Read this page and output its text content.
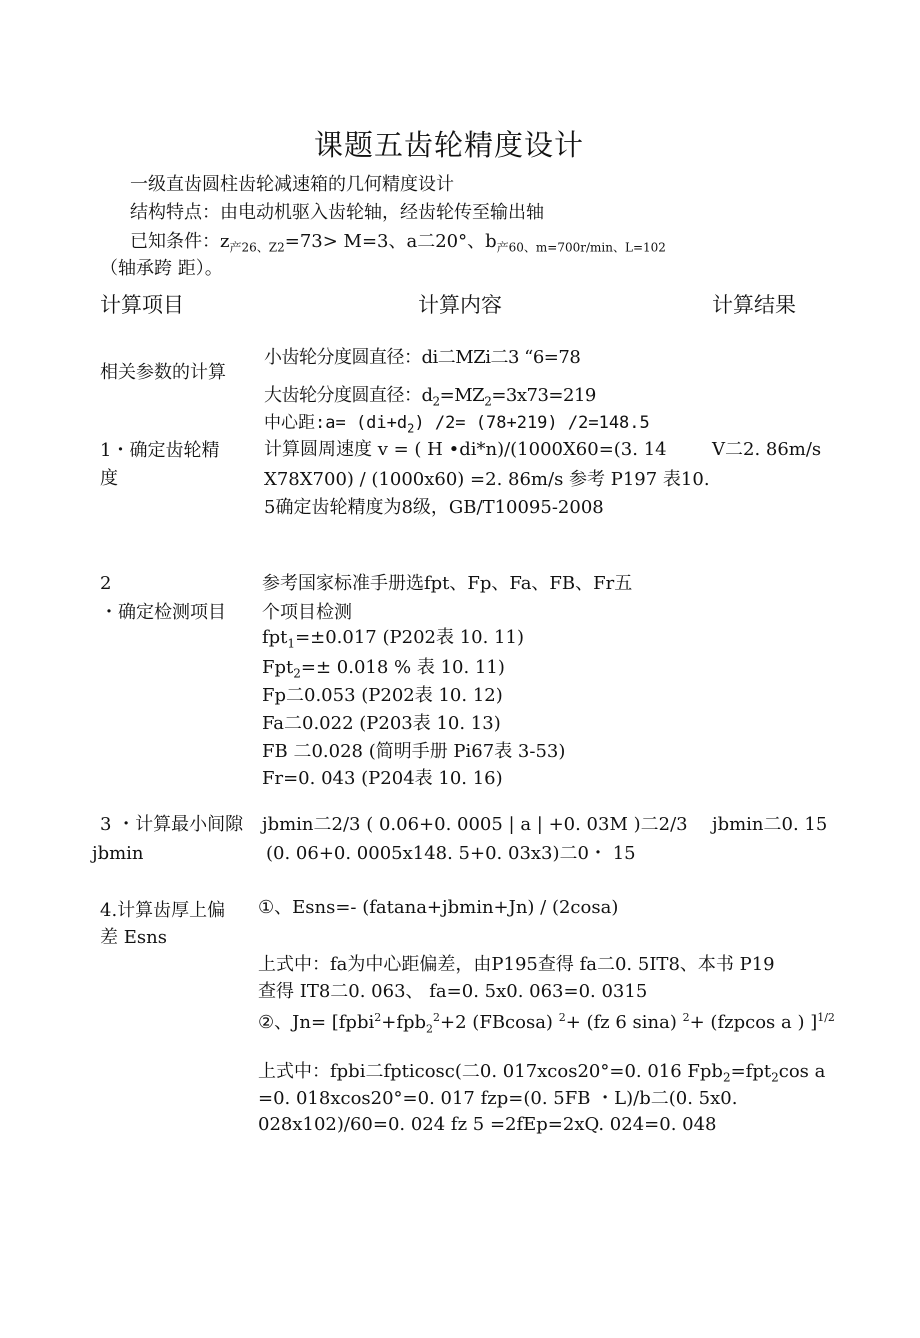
课题五齿轮精度设计
一级直齿圆柱齿轮减速箱的几何精度设计
结构特点：由电动机驱入齿轮轴，经齿轮传至输出轴
已知条件：$z_{产26、Z2}=73> M=3$、a二20°、$b_{产60、m=700r/min、L=102}$
（轴承跨 距）。
计算项目	计算内容	计算结果
相关参数的计算
小齿轮分度圆直径：di二MZi二3 “6=78
大齿轮分度圆直径：$d_2=MZ_2=3x73=219$
中心距:a= $(di+d_2)$ /2= (78+219) /2=148.5
1・确定齿轮精
度
计算圆周速度 v = ( H •di*n)/(1000X60=(3. 14
X78X700) / (1000x60) =2. 86m/s 参考 P197 表10.
5确定齿轮精度为8级，GB/T10095-2008
V二2. 86m/s
2
・确定检测项目
参考国家标准手册选fpt、Fp、Fa、FB、Fr五
个项目检测
fpt$_1$=±0.017 (P202表 10. 11)
Fpt$_2$=± 0.018 % 表 10. 11)
Fp二0.053 (P202表 10. 12)
Fa二0.022 (P203表 10. 13)
FB 二0.028 (简明手册 Pi67表 3-53)
Fr=0. 043 (P204表 10. 16)
3 ・计算最小间隙
jbmin
jbmin二2/3 ( 0.06+0. 0005 | a | +0. 03M )二2/3
(0. 06+0. 0005x148. 5+0. 03x3)二0・ 15
jbmin二0. 15
4.计算齿厚上偏
差 Esns
①、Esns=- (fatana+jbmin+Jn) / (2cosa)
上式中：fa为中心距偏差，由P195查得 fa二0. 5IT8、本书 P19
查得 IT8二0. 063、 fa=0. 5x0. 063=0. 0315
②、Jn= [fpbi$^2$+fpb$_2^2$+2 (FBcosa) $^2$+ (fz 6 sina) $^2$+ (fzpcos a ) ]$^{1/2}$
上式中：fpbi二fpticosc(二0. 017xcos20°=0. 016 Fpb$_2$=fpt$_2$cos a
=0. 018xcos20°=0. 017 fzp=(0. 5FB ・L)/b二(0. 5x0.
028x102)/60=0. 024 fz 5 =2fEp=2xQ. 024=0. 048
